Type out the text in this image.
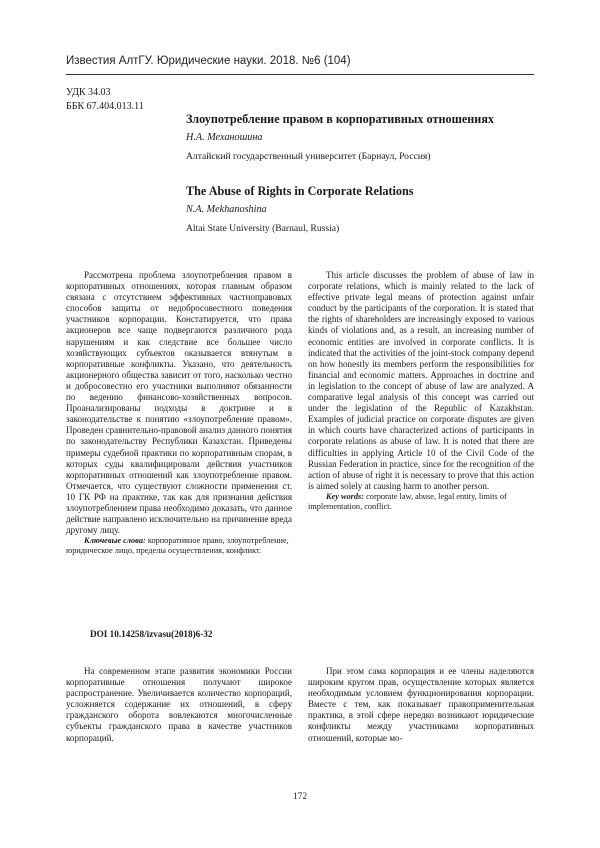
Известия АлтГУ. Юридические науки. 2018. №6 (104)
УДК 34.03
ББК 67.404.013.11
Злоупотребление правом в корпоративных отношениях
Н.А. Механошина
Алтайский государственный университет (Барнаул, Россия)
The Abuse of Rights in Corporate Relations
N.A. Mekhanoshina
Altai State University (Barnaul, Russia)

Рассмотрена проблема злоупотребления правом в корпоративных отношениях, которая главным образом связана с отсутствием эффективных частноправовых способов защиты от недобросовестного поведения участников корпорации. Констатируется, что права акционеров все чаще подвергаются различного рода нарушениям и как следствие все большее число хозяйствующих субъектов оказывается втянутым в корпоративные конфликты. Указано, что деятельность акционерного общества зависит от того, насколько честно и добросовестно его участники выполняют обязанности по ведению финансово-хозяйственных вопросов. Проанализированы подходы в доктрине и в законодательстве к понятию «злоупотребление правом». Проведен сравнительно-правовой анализ данного понятия по законодательству Республики Казахстан. Приведены примеры судебной практики по корпоративным спорам, в которых суды квалифицировали действия участников корпоративных отношений как злоупотребление правом. Отмечается, что существуют сложности применения ст. 10 ГК РФ на практике, так как для признания действия злоупотреблением права необходимо доказать, что данное действие направлено исключительно на причинение вреда другому лицу.

Ключевые слова: корпоративное право, злоупотребление, юридическое лицо, пределы осуществления, конфликт.

This article discusses the problem of abuse of law in corporate relations, which is mainly related to the lack of effective private legal means of protection against unfair conduct by the participants of the corporation. It is stated that the rights of shareholders are increasingly exposed to various kinds of violations and, as a result, an increasing number of economic entities are involved in corporate conflicts. It is indicated that the activities of the joint-stock company depend on how honestly its members perform the responsibilities for financial and economic matters. Approaches in doctrine and in legislation to the concept of abuse of law are analyzed. A comparative legal analysis of this concept was carried out under the legislation of the Republic of Kazakhstan. Examples of judicial practice on corporate disputes are given in which courts have characterized actions of participants in corporate relations as abuse of law. It is noted that there are difficulties in applying Article 10 of the Civil Code of the Russian Federation in practice, since for the recognition of the action of abuse of right it is necessary to prove that this action is aimed solely at causing harm to another person.

Key words: corporate law, abuse, legal entity, limits of implementation, conflict.

DOI 10.14258/izvasu(2018)6-32

На современном этапе развития экономики России корпоративные отношения получают широкое распространение. Увеличивается количество корпораций, усложняется содержание их отношений, в сферу гражданского оборота вовлекаются многочисленные субъекты гражданского права в качестве участников корпораций.

При этом сама корпорация и ее члены наделяются широким кругом прав, осуществление которых является необходимым условием функционирования корпорации. Вместе с тем, как показывает правоприменительная практика, в этой сфере нередко возникают юридические конфликты между участниками корпоративных отношений, которые мо-

172
